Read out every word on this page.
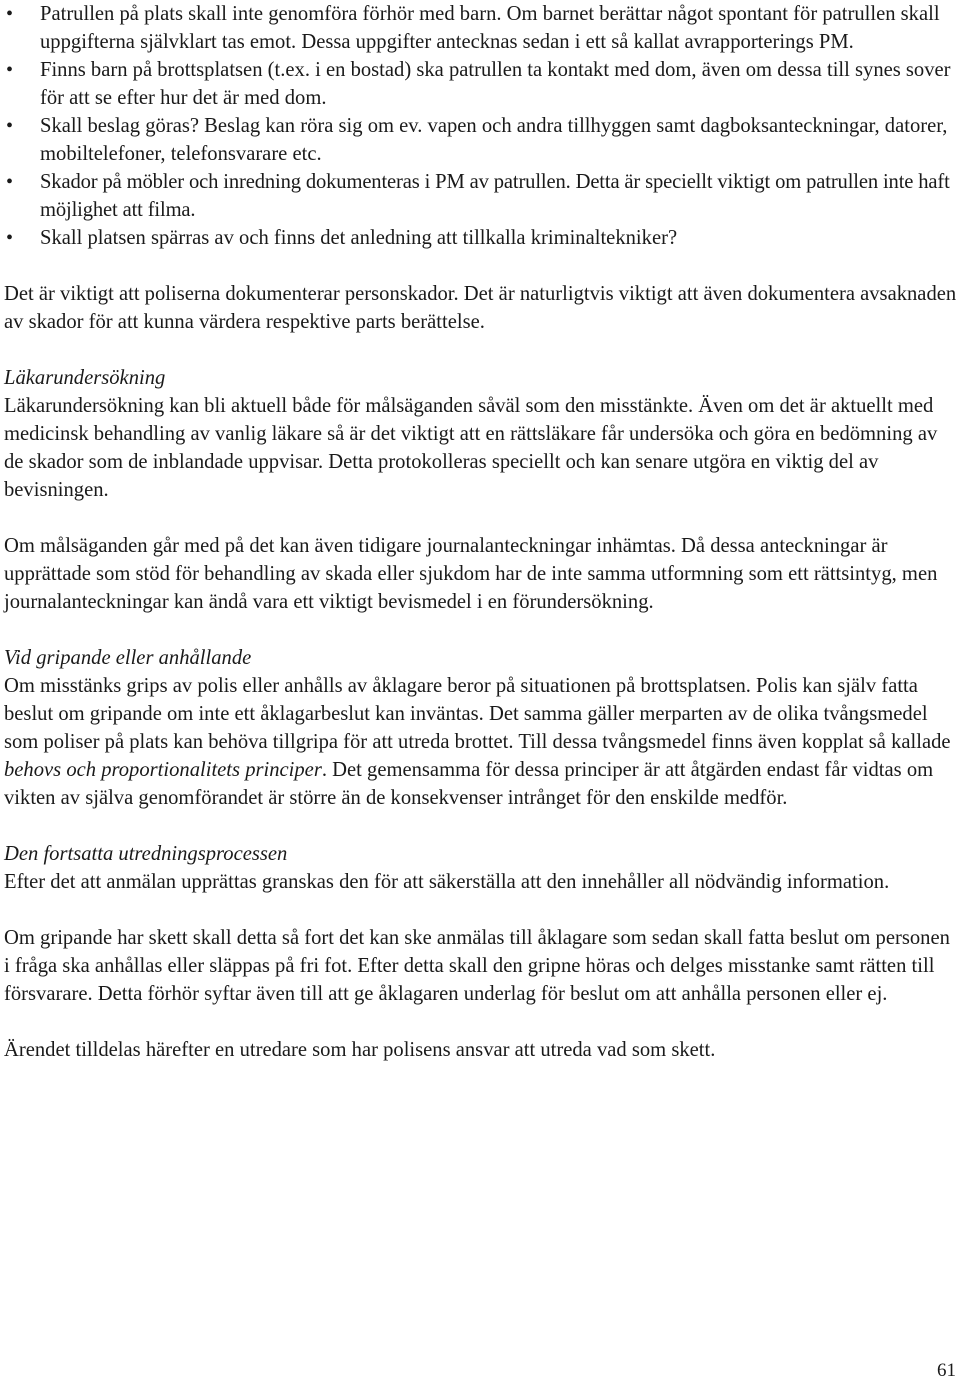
•	Patrullen på plats skall inte genomföra förhör med barn. Om barnet berättar något spontant för patrullen skall uppgifterna självklart tas emot. Dessa uppgifter antecknas sedan i ett så kallat avrapporterings PM.
•	Finns barn på brottsplatsen (t.ex. i en bostad) ska patrullen ta kontakt med dom, även om dessa till synes sover för att se efter hur det är med dom.
•	Skall beslag göras? Beslag kan röra sig om ev. vapen och andra tillhyggen samt dagboksanteckningar, datorer, mobiltelefoner, telefonsvarare etc.
•	Skador på möbler och inredning dokumenteras i PM av patrullen. Detta är speciellt viktigt om patrullen inte haft möjlighet att filma.
•	Skall platsen spärras av och finns det anledning att tillkalla kriminaltekniker?

Det är viktigt att poliserna dokumenterar personskador. Det är naturligtvis viktigt att även dokumentera avsaknaden av skador för att kunna värdera respektive parts berättelse.

Läkarundersökning

Läkarundersökning kan bli aktuell både för målsäganden såväl som den misstänkte. Även om det är aktuellt med medicinsk behandling av vanlig läkare så är det viktigt att en rättsläkare får undersöka och göra en bedömning av de skador som de inblandade uppvisar. Detta protokolleras speciellt och kan senare utgöra en viktig del av bevisningen.

Om målsäganden går med på det kan även tidigare journalanteckningar inhämtas. Då dessa anteckningar är upprättade som stöd för behandling av skada eller sjukdom har de inte samma utformning som ett rättsintyg, men journalanteckningar kan ändå vara ett viktigt bevismedel i en förundersökning.

Vid gripande eller anhållande

Om misstänks grips av polis eller anhålls av åklagare beror på situationen på brottsplatsen. Polis kan själv fatta beslut om gripande om inte ett åklagarbeslut kan inväntas. Det samma gäller merparten av de olika tvångsmedel som poliser på plats kan behöva tillgripa för att utreda brottet. Till dessa tvångsmedel finns även kopplat så kallade behovs och proportionalitets principer. Det gemensamma för dessa principer är att åtgärden endast får vidtas om vikten av själva genomförandet är större än de konsekvenser intrånget för den enskilde medför.

Den fortsatta utredningsprocessen

Efter det att anmälan upprättas granskas den för att säkerställa att den innehåller all nödvändig information.

Om gripande har skett skall detta så fort det kan ske anmälas till åklagare som sedan skall fatta beslut om personen i fråga ska anhållas eller släppas på fri fot. Efter detta skall den gripne höras och delges misstanke samt rätten till försvarare. Detta förhör syftar även till att ge åklagaren underlag för beslut om att anhålla personen eller ej.

Ärendet tilldelas härefter en utredare som har polisens ansvar att utreda vad som skett.

61
